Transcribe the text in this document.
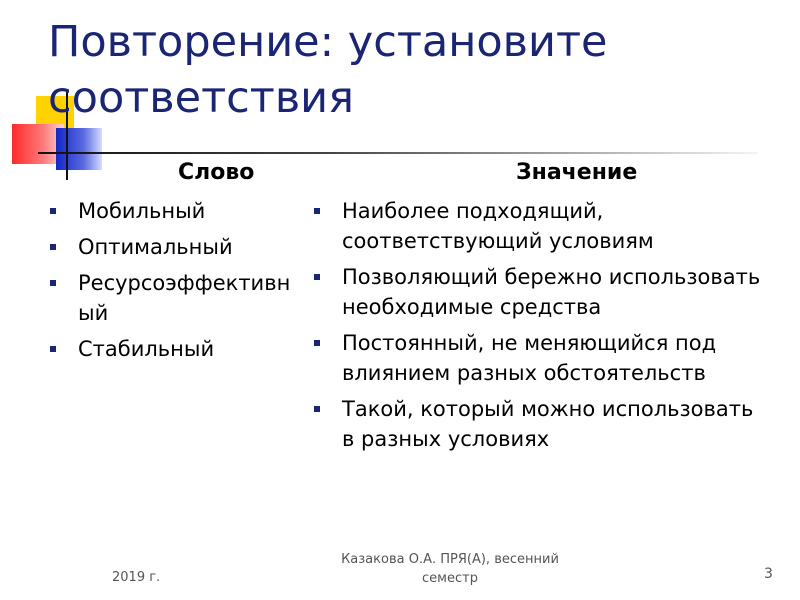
Повторение: установите соответствия
Слово	Значение
Мобильный
Оптимальный
Ресурсоэффективный
Стабильный
Наиболее подходящий, соответствующий условиям
Позволяющий бережно использовать необходимые средства
Постоянный, не меняющийся под влиянием разных обстоятельств
Такой, который можно использовать в разных условиях
2019 г.
Казакова О.А. ПРЯ(А), весенний семестр	3
